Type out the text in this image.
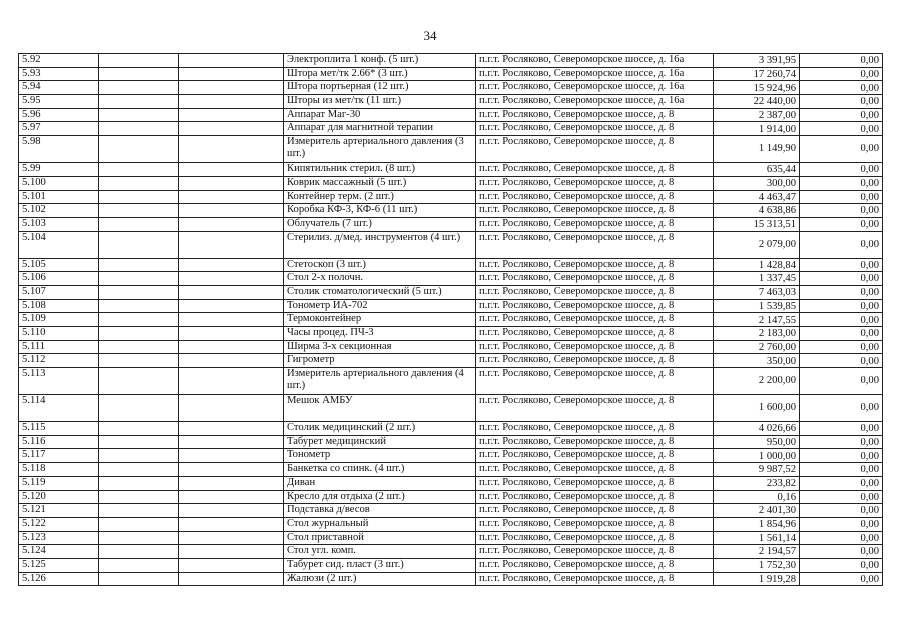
34
5.92			Электроплита 1 конф. (5 шт.)	п.г.т. Росляково, Североморское шоссе, д. 16а	3 391,95	0,00
5.93			Штора мет/тк 2.66* (3 шт.)	п.г.т. Росляково, Североморское шоссе, д. 16а	17 260,74	0,00
5.94			Штора портьерная (12 шт.)	п.г.т. Росляково, Североморское шоссе, д. 16а	15 924,96	0,00
5.95			Шторы из мет/тк (11 шт.)	п.г.т. Росляково, Североморское шоссе, д. 16а	22 440,00	0,00
5.96			Аппарат Маг-30	п.г.т. Росляково, Североморское шоссе, д. 8	2 387,00	0,00
5.97			Аппарат для магнитной терапии	п.г.т. Росляково, Североморское шоссе, д. 8	1 914,00	0,00
5.98			Измеритель артериального давления (3 шт.)	п.г.т. Росляково, Североморское шоссе, д. 8	1 149,90	0,00
5.99			Кипятильник стерил. (8 шт.)	п.г.т. Росляково, Североморское шоссе, д. 8	635,44	0,00
5.100			Коврик массажный (5 шт.)	п.г.т. Росляково, Североморское шоссе, д. 8	300,00	0,00
5.101			Контейнер терм. (2 шт.)	п.г.т. Росляково, Североморское шоссе, д. 8	4 463,47	0,00
5.102			Коробка КФ-3, КФ-6 (11 шт.)	п.г.т. Росляково, Североморское шоссе, д. 8	4 638,86	0,00
5.103			Облучатель (7 шт.)	п.г.т. Росляково, Североморское шоссе, д. 8	15 313,51	0,00
5.104			Стерилиз. д/мед. инструментов (4 шт.)	п.г.т. Росляково, Североморское шоссе, д. 8	2 079,00	0,00
5.105			Стетоскоп (3 шт.)	п.г.т. Росляково, Североморское шоссе, д. 8	1 428,84	0,00
5.106			Стол 2-х полочн.	п.г.т. Росляково, Североморское шоссе, д. 8	1 337,45	0,00
5.107			Столик стоматологический (5 шт.)	п.г.т. Росляково, Североморское шоссе, д. 8	7 463,03	0,00
5.108			Тонометр ИА-702	п.г.т. Росляково, Североморское шоссе, д. 8	1 539,85	0,00
5.109			Термоконтейнер	п.г.т. Росляково, Североморское шоссе, д. 8	2 147,55	0,00
5.110			Часы процед. ПЧ-3	п.г.т. Росляково, Североморское шоссе, д. 8	2 183,00	0,00
5.111			Ширма 3-х секционная	п.г.т. Росляково, Североморское шоссе, д. 8	2 760,00	0,00
5.112			Гигрометр	п.г.т. Росляково, Североморское шоссе, д. 8	350,00	0,00
5.113			Измеритель артериального давления (4 шт.)	п.г.т. Росляково, Североморское шоссе, д. 8	2 200,00	0,00
5.114			Мешок АМБУ	п.г.т. Росляково, Североморское шоссе, д. 8	1 600,00	0,00
5.115			Столик медицинский (2 шт.)	п.г.т. Росляково, Североморское шоссе, д. 8	4 026,66	0,00
5.116			Табурет медицинский	п.г.т. Росляково, Североморское шоссе, д. 8	950,00	0,00
5.117			Тонометр	п.г.т. Росляково, Североморское шоссе, д. 8	1 000,00	0,00
5.118			Банкетка со спинк. (4 шт.)	п.г.т. Росляково, Североморское шоссе, д. 8	9 987,52	0,00
5.119			Диван	п.г.т. Росляково, Североморское шоссе, д. 8	233,82	0,00
5.120			Кресло для отдыха (2 шт.)	п.г.т. Росляково, Североморское шоссе, д. 8	0,16	0,00
5.121			Подставка д/весов	п.г.т. Росляково, Североморское шоссе, д. 8	2 401,30	0,00
5.122			Стол журнальный	п.г.т. Росляково, Североморское шоссе, д. 8	1 854,96	0,00
5.123			Стол приставной	п.г.т. Росляково, Североморское шоссе, д. 8	1 561,14	0,00
5.124			Стол угл. комп.	п.г.т. Росляково, Североморское шоссе, д. 8	2 194,57	0,00
5.125			Табурет сид. пласт (3 шт.)	п.г.т. Росляково, Североморское шоссе, д. 8	1 752,30	0,00
5.126			Жалюзи (2 шт.)	п.г.т. Росляково, Североморское шоссе, д. 8	1 919,28	0,00
